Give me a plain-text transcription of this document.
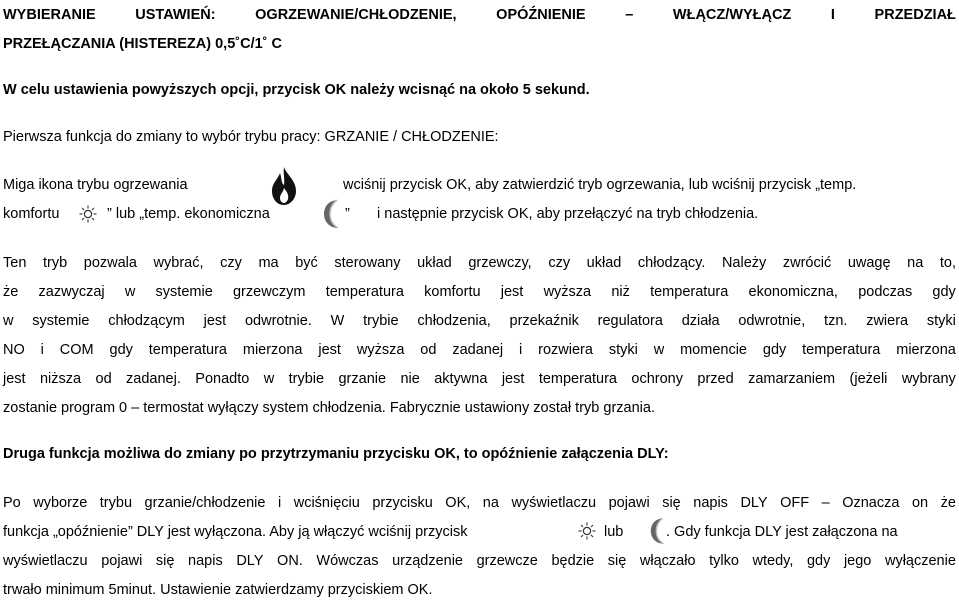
WYBIERANIE	USTAWIEŃ:	OGRZEWANIE/CHŁODZENIE,	OPÓŹNIENIE	–	WŁĄCZ/WYŁĄCZ	I	PRZEDZIAŁ
PRZEŁĄCZANIA (HISTEREZA) 0,5˚C/1˚ C
W celu ustawienia powyższych opcji, przycisk OK należy wcisnąć na około 5 sekund.
Pierwsza funkcja do zmiany to wybór trybu pracy: GRZANIE / CHŁODZENIE:
Miga ikona trybu ogrzewania	wciśnij przycisk OK, aby zatwierdzić tryb ogrzewania, lub wciśnij przycisk „temp.
komfortu	” lub „temp. ekonomiczna	” i następnie przycisk OK, aby przełączyć na tryb chłodzenia.
Ten tryb pozwala wybrać, czy ma być sterowany układ grzewczy, czy układ chłodzący. Należy zwrócić uwagę na to,
że zazwyczaj w systemie grzewczym temperatura komfortu jest wyższa niż temperatura ekonomiczna, podczas gdy
w systemie chłodzącym jest odwrotnie. W trybie chłodzenia, przekaźnik regulatora działa odwrotnie, tzn. zwiera styki
NO i COM gdy temperatura mierzona jest wyższa od zadanej i rozwiera styki w momencie gdy temperatura mierzona
jest niższa od zadanej. Ponadto w trybie grzanie nie aktywna jest temperatura ochrony przed zamarzaniem (jeżeli wybrany
zostanie program 0 – termostat wyłączy system chłodzenia. Fabrycznie ustawiony został tryb grzania.
Druga funkcja możliwa do zmiany po przytrzymaniu przycisku OK, to opóźnienie załączenia DLY:
Po wyborze trybu grzanie/chłodzenie i wciśnięciu przycisku OK, na wyświetlaczu pojawi się napis DLY OFF – Oznacza on że
funkcja „opóźnienie” DLY jest wyłączona. Aby ją włączyć wciśnij przycisk	lub	. Gdy funkcja DLY jest załączona na
wyświetlaczu pojawi się napis DLY ON. Wówczas urządzenie grzewcze będzie się włączało tylko wtedy, gdy jego wyłączenie
trwało minimum 5minut. Ustawienie zatwierdzamy przyciskiem OK.
